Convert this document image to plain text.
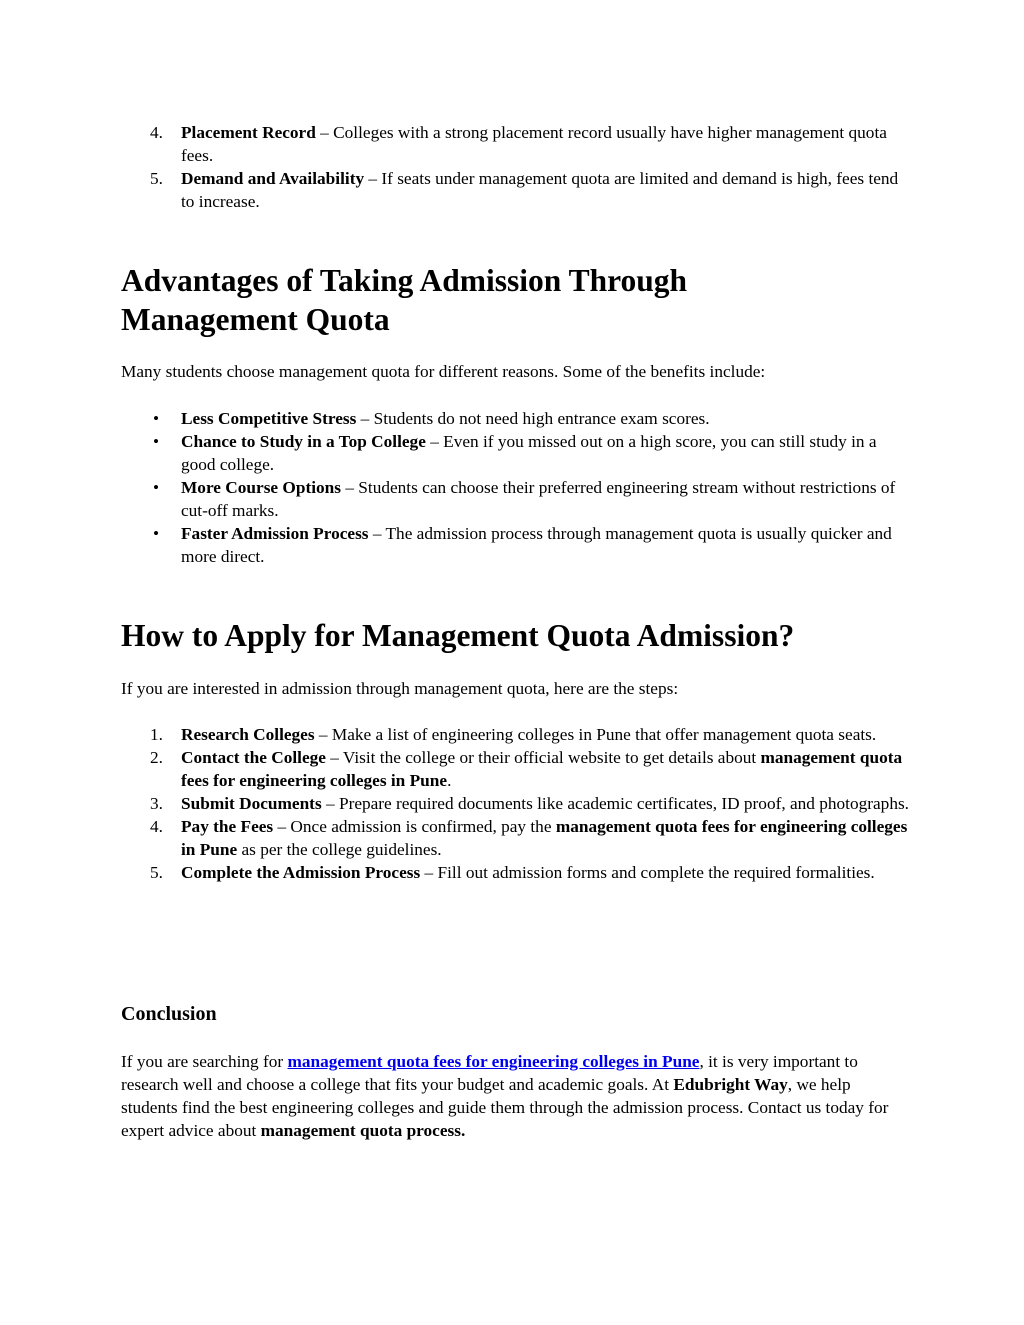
4.	Placement Record – Colleges with a strong placement record usually have higher management quota fees.
5.	Demand and Availability – If seats under management quota are limited and demand is high, fees tend to increase.
Advantages of Taking Admission Through
Management Quota

Many students choose management quota for different reasons. Some of the benefits include:

• Less Competitive Stress – Students do not need high entrance exam scores.
• Chance to Study in a Top College – Even if you missed out on a high score, you can still study in a good college.
• More Course Options – Students can choose their preferred engineering stream without restrictions of cut-off marks.
• Faster Admission Process – The admission process through management quota is usually quicker and more direct.
How to Apply for Management Quota Admission?

If you are interested in admission through management quota, here are the steps:

1.	Research Colleges – Make a list of engineering colleges in Pune that offer management quota seats.
2.	Contact the College – Visit the college or their official website to get details about management quota fees for engineering colleges in Pune.
3.	Submit Documents – Prepare required documents like academic certificates, ID proof, and photographs.
4.	Pay the Fees – Once admission is confirmed, pay the management quota fees for engineering colleges in Pune as per the college guidelines.
5.	Complete the Admission Process – Fill out admission forms and complete the required formalities.
Conclusion

If you are searching for management quota fees for engineering colleges in Pune, it is very important to research well and choose a college that fits your budget and academic goals. At Edubright Way, we help students find the best engineering colleges and guide them through the admission process. Contact us today for expert advice about management quota process.
